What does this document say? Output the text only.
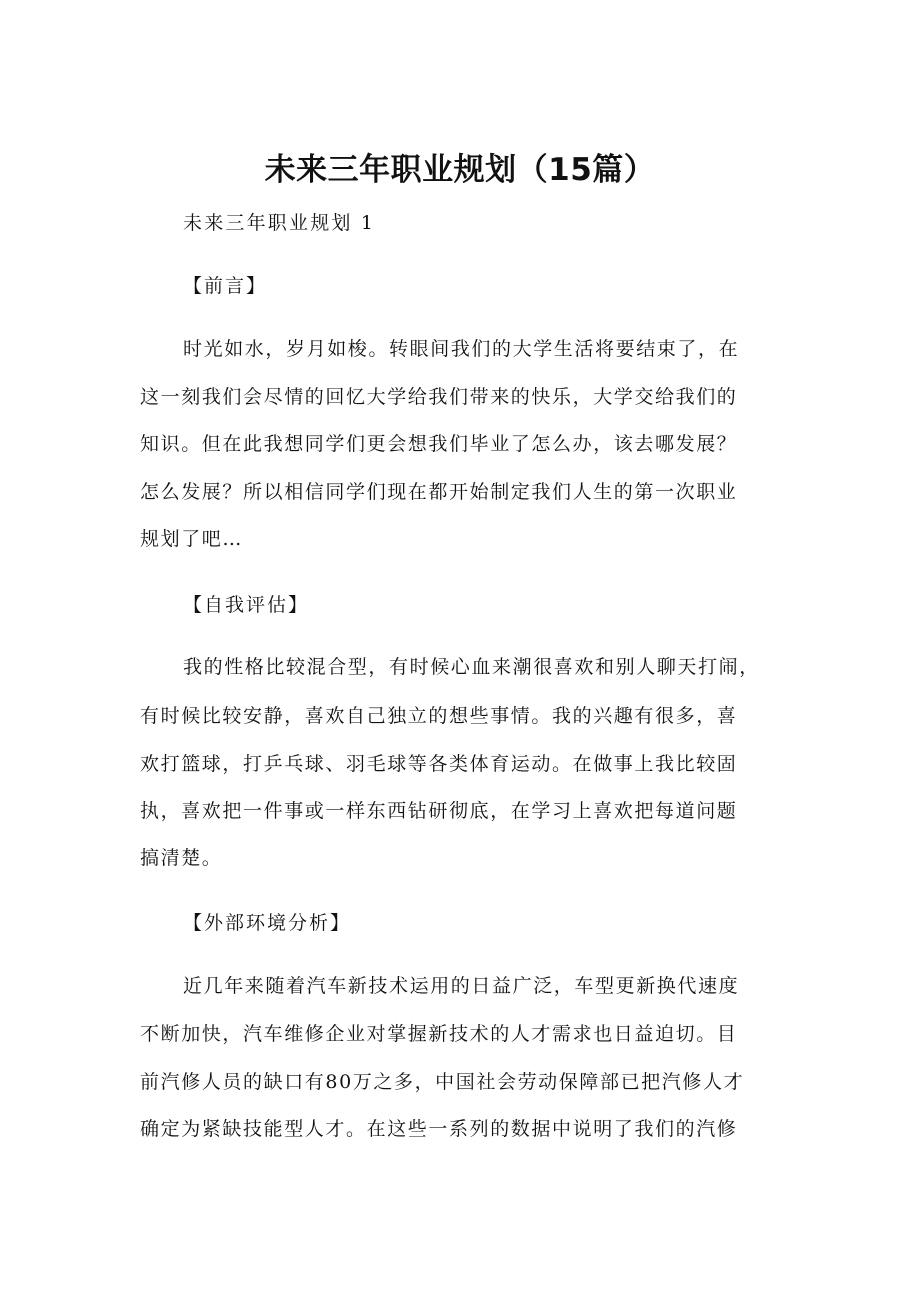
未来三年职业规划（15篇）

未来三年职业规划 1

【前言】

时光如水，岁月如梭。转眼间我们的大学生活将要结束了，在

这一刻我们会尽情的回忆大学给我们带来的快乐，大学交给我们的

知识。但在此我想同学们更会想我们毕业了怎么办，该去哪发展？

怎么发展？所以相信同学们现在都开始制定我们人生的第一次职业

规划了吧…

【自我评估】

我的性格比较混合型，有时候心血来潮很喜欢和别人聊天打闹，

有时候比较安静，喜欢自己独立的想些事情。我的兴趣有很多，喜

欢打篮球，打乒乓球、羽毛球等各类体育运动。在做事上我比较固

执，喜欢把一件事或一样东西钻研彻底，在学习上喜欢把每道问题

搞清楚。

【外部环境分析】

近几年来随着汽车新技术运用的日益广泛，车型更新换代速度

不断加快，汽车维修企业对掌握新技术的人才需求也日益迫切。目

前汽修人员的缺口有80万之多，中国社会劳动保障部已把汽修人才

确定为紧缺技能型人才。在这些一系列的数据中说明了我们的汽修
